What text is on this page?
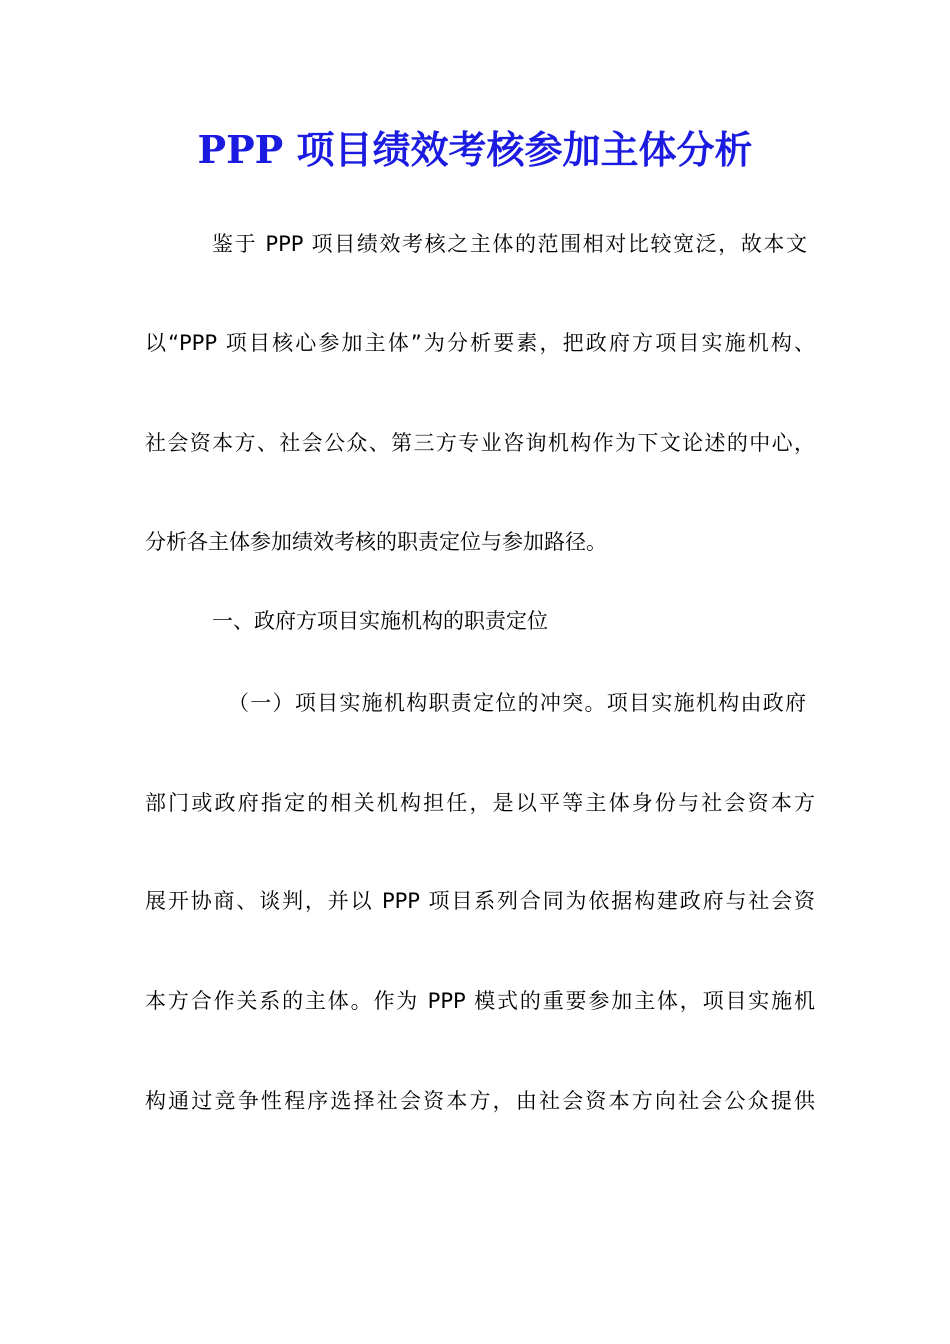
PPP 项目绩效考核参加主体分析
鉴于 PPP 项目绩效考核之主体的范围相对比较宽泛，故本文
以“PPP 项目核心参加主体”为分析要素，把政府方项目实施机构、
社会资本方、社会公众、第三方专业咨询机构作为下文论述的中心，
分析各主体参加绩效考核的职责定位与参加路径。
一、政府方项目实施机构的职责定位
（一）项目实施机构职责定位的冲突。项目实施机构由政府
部门或政府指定的相关机构担任，是以平等主体身份与社会资本方
展开协商、谈判，并以 PPP 项目系列合同为依据构建政府与社会资
本方合作关系的主体。作为 PPP 模式的重要参加主体，项目实施机
构通过竞争性程序选择社会资本方，由社会资本方向社会公众提供
